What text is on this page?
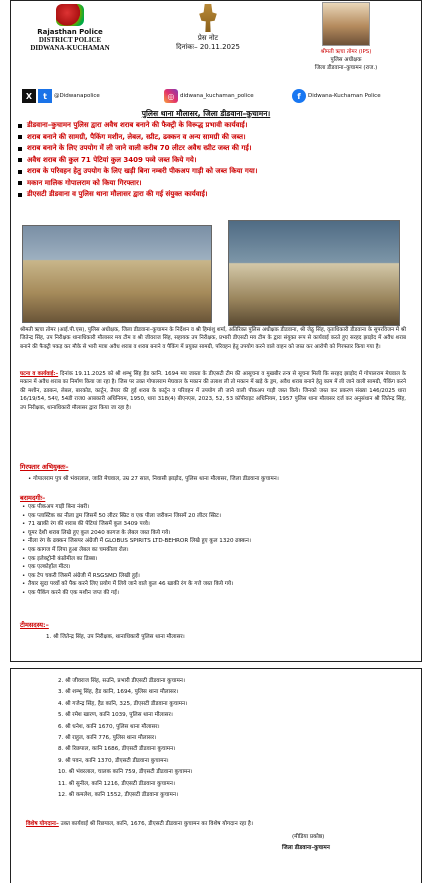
Rajasthan Police
DISTRICT POLICE
DIDWANA-KUCHAMAN
प्रेस नोट
दिनांकः– 20.11.2025
श्रीमती ऋचा तोमर (IPS)
पुलिस अधीक्षक
जिला डीडवाना–कुचामन (राज.)
X	t	@Didwanapolice	◎	didwana_kuchaman_police	f	Didwana-Kuchaman Police
पुलिस थाना मौलासर, जिला डीडवाना–कुचामन।
डीडवाना–कुचामन पुलिस द्वारा अवैध शराब बनाने की फैक्ट्री के विरूद्ध प्रभावी कार्यवाई।
शराब बनाने की सामग्री, पैकिंग मशीन, लेबल, स्प्रीट, ढक्कन व अन्य सामग्री की जब्त।
शराब बनाने के लिए उपयोग में ली जाने वाली करीब 70 लीटर अवैध स्प्रीट जब्त की गई।
अवैध शराब की कुल 71 पेटियां कुल 3409 पव्वे जब्त किये गये।
शराब के परिवहन हेतु उपयोग के लिए खड़ी बिना नम्बरी पीकअप गाड़ी को जब्त किया गया।
मकान मालिक गोपालराम को किया गिरफ्तार।
डीएसटी डीडवाना व पुलिस थाना मौलासर द्वारा की गई संयुक्त कार्यवाई।
श्रीमती ऋचा तोमर (आई.पी.एस), पुलिस अधीक्षक, जिला डीडवाना–कुचामन के निर्देशन व श्री हिमांशु शर्मा, अतिरिक्त पुलिस अधीक्षक डीडवाना, श्री जेठू सिंह, वृताधिकारी डीडवाना के सुपरविजन में श्री जितेन्द्र सिंह, उप निरीक्षक थानाधिकारी मौलासर मय टीम व श्री जीवराज सिंह, सहायक उप निरीक्षक, प्रभारी डीएसटी मय टीम के द्वारा संयुक्त रूप से कार्यवाई करते हुए सरहद झाड़ोद में अवैध शराब बनाने की फैक्ट्री पकड़ कर मौके से भारी मात्रा अवैध शराब व शराब बनाने व पैकिंग में प्रयुक्त सामग्री, परिवहन हेतु उपयोग करने वाले वाहन को जब्त कर आरोपी को गिरफ्तार किया गया है।
घटना व कार्यवाई:– दिनांक 19.11.2025 को श्री शम्भू सिंह हैड कानि. 1694 मय जाब्ता के डीएसटी टीम की आसूचना व मुखबीर तन्त्र से सूचना मिली कि सरहद झाड़ोद में गोपालराम मेघवाल के मकान में अवैध शराब का निर्माण किया जा रहा है। जिस पर उक्त गोपालराम मेघवाल के मकान की तलाश ली तो मकान में खड़े के ड्रम, अवैध शराब बनाने हेतु काम में ली जाने वाली सामग्री, पैकिंग करने की मशीन, ढक्कन, लेबल, बारकोड, कार्टून, तैयार की हुई शराब के कार्टून व परिवहन में उपयोग ली जाने वाली पीकअप गाड़ी जब्त किये। जिनको जब्त कर प्रकरण संख्या 146/2025 धारा 16/19/54, 54ए, 54डी राज0 आबकारी अधिनियम, 1950, धारा 318(4) बीएनएस, 2023, 52, 53 कॉपीराइट अधिनियम, 1957 पुलिस थाना मौलासर दर्ज कर अनुसंधान श्री जितेन्द्र सिंह, उप निरीक्षक, थानाधिकारी मौलासर द्वारा किया जा रहा है।
गिरफ्तार अभियुक्तः–
• गोपालराम पुत्र श्री भंवरलाल, जाति मेघवाल, उम्र 27 साल, निवासी झाड़ोद, पुलिस थाना मौलासर, जिला डीडवाना कुचामन।
बरामदगीः–
• एक पीकअप गाड़ी बिना नंबरी।
• एक प्लास्टिक का नीला ड्रम जिसमें 50 लीटर स्प्रिट व एक पीला जरीकन जिसमें 20 लीटर स्प्रिट।
• 71 खाकी रंग की शराब की पेटियां जिसमें कुल 3409 पव्वे।
• घूमर देशी शराब लिखे हुए कुल 2040 कागज के लेबल जब्त किये गये।
• नीला रंग के ढक्कन जिसपर अंग्रेजी में GLOBUS SPIRITS LTD-BEHROR लिखे हुए कुल 1320 ढक्कन।
• एक कागज में लिपा हुआ लेबल का चमकीला रोल।
• एक इलेक्ट्रोनी कंप्रोमील का डिब्बा।
• एक एल्कोहॉल मीटर।
• एक टेप चकरी जिसमें अंग्रेजी में RSGSMD लिखी हुई।
• तैयार सुदा पव्वों को पैक करने लिए प्रयोग में लिये जाने वाले कुल 46 खाकी रंग के गत्ते जब्त किये गये।
• एक पैकिंग करने की एक मशीन जप्त की गई।
टीमसदस्य:–
1. श्री जितेन्द्र सिंह, उप निरीक्षक, थानाधिकारी पुलिस थाना मौलासर।
2. श्री जीवराज सिंह, सउनि, प्रभारी डीएसटी डीडवाना कुचामन।
3. श्री शम्भू सिंह, हैड कानि, 1694, पुलिस थाना मौलासर।
4. श्री गजेन्द्र सिंह, हैड कानि, 325, डीएसटी डीडवाना कुचामन।
5. श्री रमेश खारण, कानि 1039, पुलिस थाना मौलासर।
6. श्री धनेश, कानि 1670, पुलिस थाना मौलासर।
7. श्री राहुल, कानि 776, पुलिस थाना मौलासर।
8. श्री रिछपाल, कानि 1686, डीएसटी डीडवाना कुचामन।
9. श्री पवन, कानि 1370, डीएसटी डीडवाना कुचामन।
10. श्री भंवरलाल, चालक कानि 759, डीएसटी डीडवाना कुचामन।
11. श्री सुनील, कानि 1216, डीएसटी डीडवाना कुचामन।
12. श्री कमलेश, कानि 1552, डीएसटी डीडवाना कुचामन।
विशेष योगदानः– उक्त कार्यवाई श्री रिछपाल, कानि, 1676, डीएसटी डीडवाना कुचामन का विशेष योगदान रहा है।
(मीडिया प्रकोष्ठ)
जिला डीडवाना–कुचामन
